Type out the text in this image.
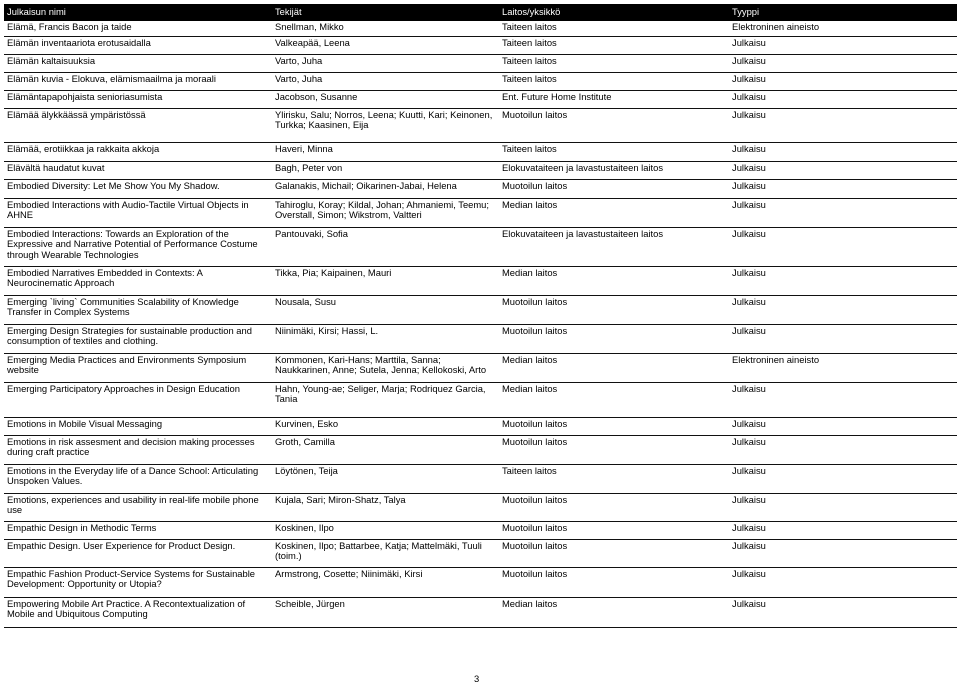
Julkaisun nimi	Tekijät	Laitos/yksikkö	Tyyppi
Elämä, Francis Bacon ja taide	Snellman, Mikko	Taiteen laitos	Elektroninen aineisto
Elämän inventaariota erotusaidalla	Valkeapää, Leena	Taiteen laitos	Julkaisu
Elämän kaltaisuuksia	Varto, Juha	Taiteen laitos	Julkaisu
Elämän kuvia - Elokuva, elämismaailma ja moraali	Varto, Juha	Taiteen laitos	Julkaisu
Elämäntapapohjaista senioriasumista	Jacobson, Susanne	Ent. Future Home Institute	Julkaisu
Elämää älykkäässä ympäristössä	Ylirisku, Salu; Norros, Leena; Kuutti, Kari; Keinonen, Turkka; Kaasinen, Eija	Muotoilun laitos	Julkaisu
Elämää, erotiikkaa ja rakkaita akkoja	Haveri, Minna	Taiteen laitos	Julkaisu
Elävältä haudatut kuvat	Bagh, Peter von	Elokuvataiteen ja lavastustaiteen laitos	Julkaisu
Embodied Diversity: Let Me Show You My Shadow.	Galanakis, Michail; Oikarinen-Jabai, Helena	Muotoilun laitos	Julkaisu
Embodied Interactions with Audio-Tactile Virtual Objects in AHNE	Tahiroglu, Koray; Kildal, Johan; Ahmaniemi, Teemu; Overstall, Simon; Wikstrom, Valtteri	Median laitos	Julkaisu
Embodied Interactions: Towards an Exploration of the Expressive and Narrative Potential of Performance Costume through Wearable Technologies	Pantouvaki, Sofia	Elokuvataiteen ja lavastustaiteen laitos	Julkaisu
Embodied Narratives Embedded in Contexts: A Neurocinematic Approach	Tikka, Pia; Kaipainen, Mauri	Median laitos	Julkaisu
Emerging `living` Communities Scalability of Knowledge Transfer in Complex Systems	Nousala, Susu	Muotoilun laitos	Julkaisu
Emerging Design Strategies for sustainable production and consumption of textiles and clothing.	Niinimäki, Kirsi; Hassi, L.	Muotoilun laitos	Julkaisu
Emerging Media Practices and Environments Symposium website	Kommonen, Kari-Hans; Marttila, Sanna; Naukkarinen, Anne; Sutela, Jenna; Kellokoski, Arto	Median laitos	Elektroninen aineisto
Emerging Participatory Approaches in Design Education	Hahn, Young-ae; Seliger, Marja; Rodriquez Garcia, Tania	Median laitos	Julkaisu
Emotions in Mobile Visual Messaging	Kurvinen, Esko	Muotoilun laitos	Julkaisu
Emotions in risk assesment and decision making processes during craft practice	Groth, Camilla	Muotoilun laitos	Julkaisu
Emotions in the Everyday life of a Dance School: Articulating Unspoken Values.	Löytönen, Teija	Taiteen laitos	Julkaisu
Emotions, experiences and usability in real-life mobile phone use	Kujala, Sari; Miron-Shatz, Talya	Muotoilun laitos	Julkaisu
Empathic Design in Methodic Terms	Koskinen, Ilpo	Muotoilun laitos	Julkaisu
Empathic Design. User Experience for Product Design.	Koskinen, Ilpo; Battarbee, Katja; Mattelmäki, Tuuli (toim.)	Muotoilun laitos	Julkaisu
Empathic Fashion Product-Service Systems for Sustainable Development: Opportunity or Utopia?	Armstrong, Cosette; Niinimäki, Kirsi	Muotoilun laitos	Julkaisu
Empowering Mobile Art Practice. A Recontextualization of Mobile and Ubiquitous Computing	Scheible, Jürgen	Median laitos	Julkaisu
3
